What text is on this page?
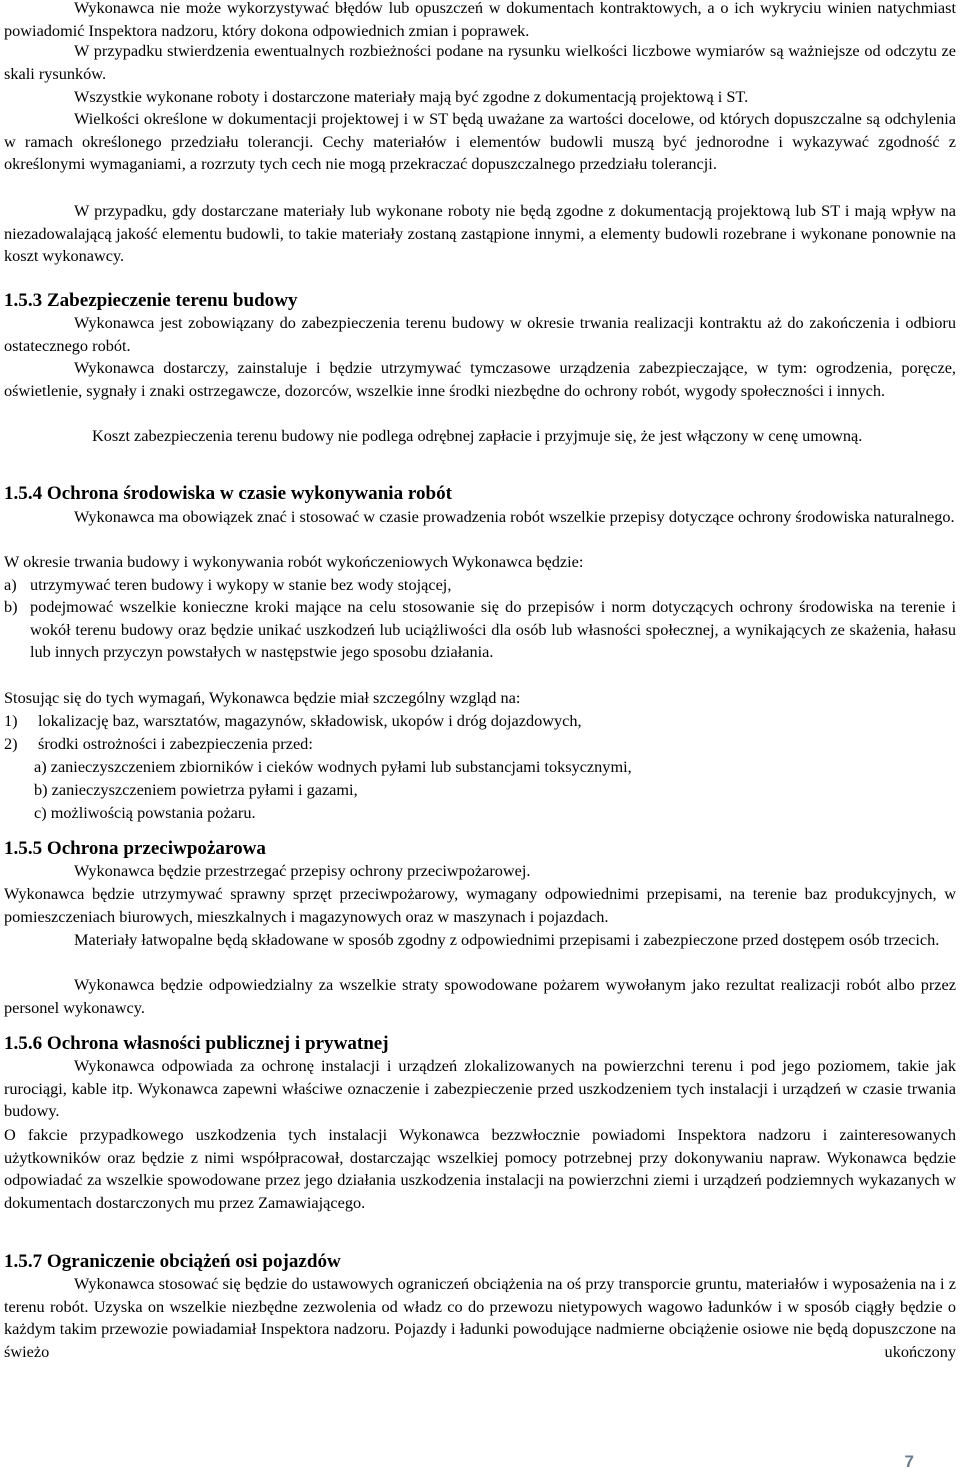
Wykonawca nie może wykorzystywać błędów lub opuszczeń w dokumentach kontraktowych, a o ich wykryciu winien natychmiast powiadomić Inspektora nadzoru, który dokona odpowiednich zmian i poprawek.

W przypadku stwierdzenia ewentualnych rozbieżności podane na rysunku wielkości liczbowe wymiarów są ważniejsze od odczytu ze skali rysunków.

Wszystkie wykonane roboty i dostarczone materiały mają być zgodne z dokumentacją projektową i ST.

Wielkości określone w dokumentacji projektowej i w ST będą uważane za wartości docelowe, od których dopuszczalne są odchylenia w ramach określonego przedziału tolerancji. Cechy materiałów i elementów budowli muszą być jednorodne i wykazywać zgodność z określonymi wymaganiami, a rozrzuty tych cech nie mogą przekraczać dopuszczalnego przedziału tolerancji.

W przypadku, gdy dostarczane materiały lub wykonane roboty nie będą zgodne z dokumentacją projektową lub ST i mają wpływ na niezadowalającą jakość elementu budowli, to takie materiały zostaną zastąpione innymi, a elementy budowli rozebrane i wykonane ponownie na koszt wykonawcy.

1.5.3 Zabezpieczenie terenu budowy

Wykonawca jest zobowiązany do zabezpieczenia terenu budowy w okresie trwania realizacji kontraktu aż do zakończenia i odbioru ostatecznego robót.

Wykonawca dostarczy, zainstaluje i będzie utrzymywać tymczasowe urządzenia zabezpieczające, w tym: ogrodzenia, poręcze, oświetlenie, sygnały i znaki ostrzegawcze, dozorców, wszelkie inne środki niezbędne do ochrony robót, wygody społeczności i innych.

Koszt zabezpieczenia terenu budowy nie podlega odrębnej zapłacie i przyjmuje się, że jest włączony w cenę umowną.

1.5.4 Ochrona środowiska w czasie wykonywania robót

Wykonawca ma obowiązek znać i stosować w czasie prowadzenia robót wszelkie przepisy dotyczące ochrony środowiska naturalnego.

W okresie trwania budowy i wykonywania robót wykończeniowych Wykonawca będzie:

a) utrzymywać teren budowy i wykopy w stanie bez wody stojącej,
b) podejmować wszelkie konieczne kroki mające na celu stosowanie się do przepisów i norm dotyczących ochrony środowiska na terenie i wokół terenu budowy oraz będzie unikać uszkodzeń lub uciążliwości dla osób lub własności społecznej, a wynikających ze skażenia, hałasu lub innych przyczyn powstałych w następstwie jego sposobu działania.

Stosując się do tych wymagań, Wykonawca będzie miał szczególny wzgląd na:

1) lokalizację baz, warsztatów, magazynów, składowisk, ukopów i dróg dojazdowych,
2) środki ostrożności i zabezpieczenia przed:

a) zanieczyszczeniem zbiorników i cieków wodnych pyłami lub substancjami toksycznymi,

b) zanieczyszczeniem powietrza pyłami i gazami,

c) możliwością powstania pożaru.

1.5.5 Ochrona przeciwpożarowa

Wykonawca będzie przestrzegać przepisy ochrony przeciwpożarowej.

Wykonawca będzie utrzymywać sprawny sprzęt przeciwpożarowy, wymagany odpowiednimi przepisami, na terenie baz produkcyjnych, w pomieszczeniach biurowych, mieszkalnych i magazynowych oraz w maszynach i pojazdach.

Materiały łatwopalne będą składowane w sposób zgodny z odpowiednimi przepisami i zabezpieczone przed dostępem osób trzecich.

Wykonawca będzie odpowiedzialny za wszelkie straty spowodowane pożarem wywołanym jako rezultat realizacji robót albo przez personel wykonawcy.

1.5.6 Ochrona własności publicznej i prywatnej

Wykonawca odpowiada za ochronę instalacji i urządzeń zlokalizowanych na powierzchni terenu i pod jego poziomem, takie jak rurociągi, kable itp. Wykonawca zapewni właściwe oznaczenie i zabezpieczenie przed uszkodzeniem tych instalacji i urządzeń w czasie trwania budowy.

O fakcie przypadkowego uszkodzenia tych instalacji Wykonawca bezzwłocznie powiadomi Inspektora nadzoru i zainteresowanych użytkowników oraz będzie z nimi współpracował, dostarczając wszelkiej pomocy potrzebnej przy dokonywaniu napraw. Wykonawca będzie odpowiadać za wszelkie spowodowane przez jego działania uszkodzenia instalacji na powierzchni ziemi i urządzeń podziemnych wykazanych w dokumentach dostarczonych mu przez Zamawiającego.

1.5.7 Ograniczenie obciążeń osi pojazdów

Wykonawca stosować się będzie do ustawowych ograniczeń obciążenia na oś przy transporcie gruntu, materiałów i wyposażenia na i z terenu robót. Uzyska on wszelkie niezbędne zezwolenia od władz co do przewozu nietypowych wagowo ładunków i w sposób ciągły będzie o każdym takim przewozie powiadamiał Inspektora nadzoru. Pojazdy i ładunki powodujące nadmierne obciążenie osiowe nie będą dopuszczone na świeżo ukończony

7
